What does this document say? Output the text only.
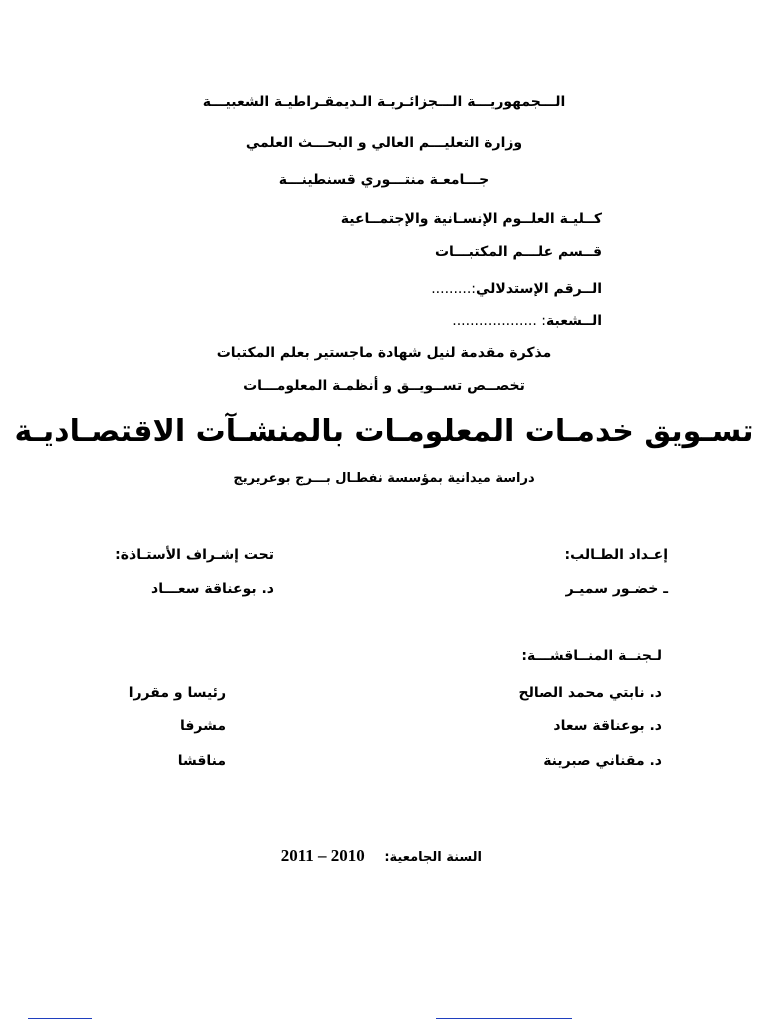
الـــجمهوريـــة الـــجزائـريـة الـديمقـراطيـة الشعبيـــة
وزارة التعليـــم العالي و البحـــث العلمي
جـــامعـة منتـــوري قسنطينـــة
كــليـة العلــوم الإنسـانية والإجتمــاعية
قــسم علـــم المكتبـــات
الــرقم الإستدلالي:.........
الــشعبة: ...................
مذكرة مقدمة لنيل شهادة ماجستير بعلم المكتبات
تخصــص تســويــق و أنظمـة المعلومـــات
تسـويق خدمـات المعلومـات بالمنشـآت الاقتصـاديـة
دراسة ميدانية بمؤسسة نفطـال بـــرج بوعريريج
إعـداد الطـالب:
تحت إشـراف الأستـاذة:
ـ خضـور سميـر
د. بوعناقة سعـــاد
لـجنــة المنــاقشـــة:
د. نابتي محمد الصالح
رئيسا و مقررا
د. بوعناقة سعاد
مشرفا
د. مقناني صبرينة
مناقشا
السنة الجامعية: 2010 – 2011
